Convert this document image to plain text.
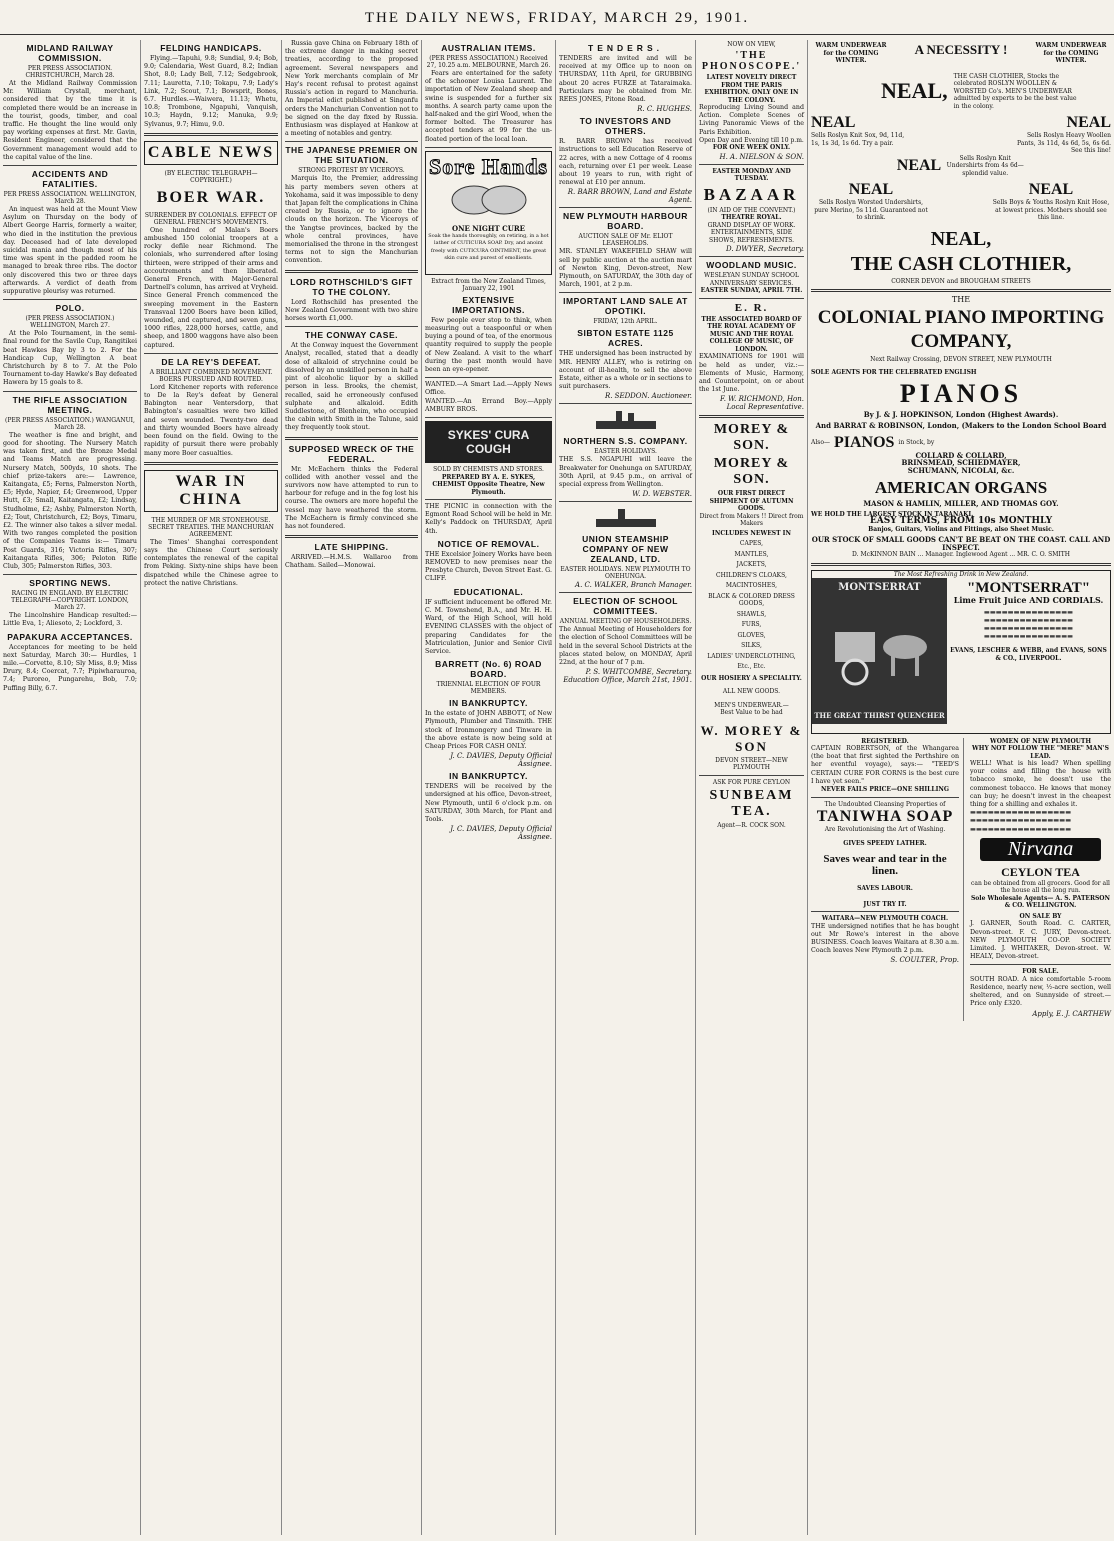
THE DAILY NEWS, FRIDAY, MARCH 29, 1901.
MIDLAND RAILWAY COMMISSION.
PER PRESS ASSOCIATION. CHRISTCHURCH, March 28.

At the Midland Railway Commission Mr. William Crystall, merchant, considered that by the time it is completed there would be an increase in the tourist, goods, timber, and coal traffic. He thought the line would only pay working expenses at first. Mr. Gavin, Resident Engineer, considered that the Government management would add to the capital value of the line.

ACCIDENTS AND FATALITIES.
PER PRESS ASSOCIATION. WELLINGTON, March 28.

An inquest was held at the Mount View Asylum on Thursday on the body of Albert George Harris, formerly a waiter, who died in the institution the previous day. Deceased had of late developed suicidal mania and though most of his time was spent in the padded room he managed to break three ribs. The doctor only discovered this two or three days afterwards. A verdict of death from suppurative pleurisy was returned.

POLO.
(PER PRESS ASSOCIATION.) WELLINGTON, March 27.

At the Polo Tournament, in the semi-final round for the Savile Cup, Rangitikei beat Hawkes Bay by 3 to 2. For the Handicap Cup, Wellington A beat Christchurch by 8 to 7. At the Polo Tournament to-day Hawke's Bay defeated Hawera by 15 goals to 8.

THE RIFLE ASSOCIATION MEETING.
(PER PRESS ASSOCIATION.) WANGANUI, March 28.

The weather is fine and bright, and good for shooting. The Nursery Match was taken first, and the Bronze Medal and Teams Match are progressing. Nursery Match, 500yds, 10 shots. The chief prize-takers are:— Lawrence, Kaitangata, £5; Ferns, Palmerston North, £5; Hyde, Napier, £4; Greenwood, Upper Hutt, £3; Small, Kaitangata, £2; Lindsay, Studholme, £2; Ashby, Palmerston North, £2; Tout, Christchurch, £2; Boys, Timaru, £2. The winner also takes a silver medal. With two ranges completed the position of the Companies Teams is:— Timaru Post Guards, 316; Victoria Rifles, 307; Kaitangata Rifles, 306; Peloton Rifle Club, 305; Palmerston Rifles, 303.

SPORTING NEWS.
RACING IN ENGLAND. BY ELECTRIC TELEGRAPH—COPYRIGHT. LONDON, March 27.

The Lincolnshire Handicap resulted:—Little Eva, 1; Aliesoto, 2; Lockford, 3.

PAPAKURA ACCEPTANCES.

Acceptances for meeting to be held next Saturday, March 30:— Hurdles, 1 mile.—Corvette, 8.10; Sly Miss, 8.9; Miss Drury, 8.4; Coercat, 7.7; Pipiwharauroa, 7.4; Puroreo, Pungarehu, Bob, 7.0; Puffing Billy, 6.7.

FELDING HANDICAPS.

Flying.—Tapuhi, 9.8; Sundial, 9.4; Bob, 9.0; Calendaria, West Guard, 8.2; Indian Shot, 8.0; Lady Bell, 7.12; Sedgebrook, 7.11; Lauretta, 7.10; Tokapu, 7.9; Lady's Link, 7.2; Scout, 7.1; Bowsprit, Bones, 6.7. Hurdles.—Waiwera, 11.13; Whetu, 10.8; Trombone, Ngapuhi, Vanquish, 10.3; Haydn, 9.12; Manuka, 9.9; Sylvanus, 9.7; Himu, 9.0.

CABLE NEWS
(BY ELECTRIC TELEGRAPH—COPYRIGHT.)
BOER WAR.
SURRENDER BY COLONIALS. EFFECT OF GENERAL FRENCH'S MOVEMENTS.

One hundred of Malan's Boers ambushed 150 colonial troopers at a rocky defile near Richmond. The colonials, who surrendered after losing thirteen, were stripped of their arms and accoutrements and then liberated. General French, with Major-General Dartnell's column, has arrived at Vryheid. Since General French commenced the sweeping movement in the Eastern Transvaal 1200 Boers have been killed, wounded, and captured, and seven guns, 1000 rifles, 228,000 horses, cattle, and sheep, and 1800 waggons have also been captured.

DE LA REY'S DEFEAT.
A BRILLIANT COMBINED MOVEMENT. BOERS PURSUED AND ROUTED.

Lord Kitchener reports with reference to De la Rey's defeat by General Babington near Ventersdorp, that Babington's casualties were two killed and seven wounded. Twenty-two dead and thirty wounded Boers have already been found on the field. Owing to the rapidity of pursuit there were probably many more Boer casualties.

WAR IN CHINA
THE MURDER OF MR STONEHOUSE. SECRET TREATIES. THE MANCHURIAN AGREEMENT.

The Times' Shanghai correspondent says the Chinese Court seriously contemplates the renewal of the capital from Peking. Sixty-nine ships have been dispatched while the Chinese agree to protect the native Christians.

Russia gave China on February 18th of the extreme danger in making secret treaties, according to the proposed agreement. Several newspapers and New York merchants complain of Mr Hay's recent refusal to protest against Russia's action in regard to Manchuria. An Imperial edict published at Singanfu orders the Manchurian Convention not to be signed on the day fixed by Russia. Enthusiasm was displayed at Hankow at a meeting of notables and gentry.

THE JAPANESE PREMIER ON THE SITUATION.
STRONG PROTEST BY VICEROYS.

Marquis Ito, the Premier, addressing his party members seven others at Yokohama, said it was impossible to deny that Japan felt the complications in China created by Russia, or to ignore the clouds on the horizon. The Viceroys of the Yangtse provinces, backed by the whole central provinces, have memorialised the throne in the strongest terms not to sign the Manchurian convention.

LORD ROTHSCHILD'S GIFT TO THE COLONY.

Lord Rothschild has presented the New Zealand Government with two shire horses worth £1,000.

THE CONWAY CASE.

At the Conway inquest the Government Analyst, recalled, stated that a deadly dose of alkaloid of strychnine could be dissolved by an unskilled person in half a pint of alcoholic liquor by a skilled person in less. Brooks, the chemist, recalled, said he erroneously confused sulphate and alkaloid. Edith Suddlestone, of Blenheim, who occupied the cabin with Smith in the Talune, said they frequently took stout.

SUPPOSED WRECK OF THE FEDERAL.

Mr. McEachern thinks the Federal collided with another vessel and the survivors now have attempted to run to harbour for refuge and in the fog lost his course. The owners are more hopeful the vessel may have weathered the storm. The McEachern is firmly convinced she has not foundered.

LATE SHIPPING.

ARRIVED.—H.M.S. Wallaroo from Chatham. Sailed—Monowai.

AUSTRALIAN ITEMS.
(PER PRESS ASSOCIATION.) Received 27, 10.25 a.m. MELBOURNE, March 26.

Fears are entertained for the safety of the schooner Louisa Laurent. The importation of New Zealand sheep and swine is suspended for a further six months. A search party came upon the half-naked and the girl Wood, when the former bolted. The Treasurer has accepted tenders at 99 for the un-floated portion of the local loan.

Sore Hands
ONE NIGHT CURE
Soak the hands thoroughly, on retiring, in a hot lather of CUTICURA SOAP. Dry, and anoint freely with CUTICURA OINTMENT, the great skin cure and purest of emollients.
Extract from the New Zealand Times, January 22, 1901
EXTENSIVE IMPORTATIONS.

Few people ever stop to think, when measuring out a teaspoonful or when buying a pound of tea, of the enormous quantity required to supply the people of New Zealand. A visit to the wharf during the past month would have been an eye-opener.

WANTED.—A Smart Lad.—Apply News Office.
WANTED.—An Errand Boy.—Apply AMBURY BROS.
SYKES' CURA COUGH
SOLD BY CHEMISTS AND STORES.
PREPARED BY A. E. SYKES, CHEMIST Opposite Theatre, New Plymouth.
THE PICNIC in connection with the Egmont Road School will be held in Mr. Kelly's Paddock on THURSDAY, April 4th.
NOTICE OF REMOVAL.
THE Excelsior Joinery Works have been REMOVED to new premises near the Presbyte Church, Devon Street East. G. CLIFF.
EDUCATIONAL.
IF sufficient inducement be offered Mr. C. M. Townshend, B.A., and Mr. H. H. Ward, of the High School, will hold EVENING CLASSES with the object of preparing Candidates for the Matriculation, Junior and Senior Civil Service.
BARRETT (No. 6) ROAD BOARD.
TRIENNIAL ELECTION OF FOUR MEMBERS.
IN BANKRUPTCY.
In the estate of JOHN ABBOTT, of New Plymouth, Plumber and Tinsmith. THE stock of Ironmongery and Tinware in the above estate is now being sold at Cheap Prices FOR CASH ONLY.
J. C. DAVIES, Deputy Official Assignee.
IN BANKRUPTCY.
TENDERS will be received by the undersigned at his office, Devon-street, New Plymouth, until 6 o'clock p.m. on SATURDAY, 30th March, for Plant and Tools.
J. C. DAVIES, Deputy Official Assignee.
TENDERS.
TENDERS are invited and will be received at my Office up to noon on THURSDAY, 11th April, for GRUBBING about 20 acres FURZE at Tataraimaka. Particulars may be obtained from Mr. REES JONES, Pitone Road.
R. C. HUGHES.
TO INVESTORS AND OTHERS.
R. BARR BROWN has received instructions to sell Education Reserve of 22 acres, with a new Cottage of 4 rooms each, returning over £1 per week. Lease about 19 years to run, with right of renewal at £10 per annum.
R. BARR BROWN, Land and Estate Agent.
NEW PLYMOUTH HARBOUR BOARD.
AUCTION SALE OF Mr. ELIOT LEASEHOLDS.
MR. STANLEY WAKEFIELD SHAW will sell by public auction at the auction mart of Newton King, Devon-street, New Plymouth, on SATURDAY, the 30th day of March, 1901, at 2 p.m.
IMPORTANT LAND SALE AT OPOTIKI.
FRIDAY, 12th APRIL.
SIBTON ESTATE 1125 ACRES.
THE undersigned has been instructed by MR. HENRY ALLEY, who is retiring on account of ill-health, to sell the above Estate, either as a whole or in sections to suit purchasers.
R. SEDDON. Auctioneer.
NORTHERN S.S. COMPANY.
EASTER HOLIDAYS.
THE S.S. NGAPUHI will leave the Breakwater for Onehunga on SATURDAY, 30th April, at 9.45 p.m., on arrival of special express from Wellington.
W. D. WEBSTER.
UNION STEAMSHIP COMPANY OF NEW ZEALAND, LTD.
EASTER HOLIDAYS. NEW PLYMOUTH TO ONEHUNGA.
A. C. WALKER, Branch Manager.
ELECTION OF SCHOOL COMMITTEES.
ANNUAL MEETING OF HOUSEHOLDERS.
The Annual Meeting of Householders for the election of School Committees will be held in the several School Districts at the places stated below, on MONDAY, April 22nd, at the hour of 7 p.m.
P. S. WHITCOMBE, Secretary. Education Office, March 21st, 1901.
NOW ON VIEW,
'THE PHONOSCOPE.'
LATEST NOVELTY DIRECT FROM THE PARIS EXHIBITION. ONLY ONE IN THE COLONY.
Reproducing Living Sound and Action. Complete Scenes of Living Panoramic Views of the Paris Exhibition.
Open Day and Evening till 10 p.m.
FOR ONE WEEK ONLY.
H. A. NIELSON & SON.
EASTER MONDAY AND TUESDAY.
BAZAAR
(IN AID OF THE CONVENT.)
THEATRE ROYAL.
GRAND DISPLAY OF WORK. ENTERTAINMENTS, SIDE SHOWS, REFRESHMENTS.
D. DWYER, Secretary.
WOODLAND MUSIC.
WESLEYAN SUNDAY SCHOOL ANNIVERSARY SERVICES.
EASTER SUNDAY, APRIL 7TH.
E. R.
THE ASSOCIATED BOARD OF THE ROYAL ACADEMY OF MUSIC AND THE ROYAL COLLEGE OF MUSIC, OF LONDON.
EXAMINATIONS for 1901 will be held as under, viz.:— Elements of Music, Harmony, and Counterpoint, on or about the 1st June.
F. W. RICHMOND, Hon. Local Representative.
MOREY & SON.
MOREY & SON.
OUR FIRST DIRECT SHIPMENT OF AUTUMN GOODS.
Direct from Makers !! Direct from Makers
INCLUDES NEWEST IN
CAPES,
MANTLES,
JACKETS,
CHILDREN'S CLOAKS,
MACINTOSHES,
BLACK & COLORED DRESS GOODS,
SHAWLS,
FURS,
GLOVES,
SILKS,
LADIES' UNDERCLOTHING,
Etc., Etc.
OUR HOSIERY A SPECIALITY.
ALL NEW GOODS.
MEN'S UNDERWEAR.—
Best Value to be had
W. MOREY & SON
DEVON STREET—NEW PLYMOUTH
ASK FOR PURE CEYLON
SUNBEAM TEA.
Agent—R. COCK SON.
WARM UNDERWEAR for the COMING WINTER.
A NECESSITY !	WARM UNDERWEAR for the COMING WINTER.
NEAL,
THE CASH CLOTHIER, Stocks the celebrated ROSLYN WOOLLEN & WORSTED Co's. MEN'S UNDERWEAR admitted by experts to be the best value in the colony.
NEAL
Sells Roslyn Knit Sox, 9d, 11d, 1s, 1s 3d, 1s 6d. Try a pair.
NEAL
Sells Roslyn Heavy Woollen Pants, 3s 11d, 4s 6d, 5s, 6s 6d. See this line!
NEAL	Sells Roslyn Knit Undershirts from 4s 6d—splendid value.
NEAL
Sells Roslyn Worsted Undershirts, pure Merino, 5s 11d. Guaranteed not to shrink.
NEAL
Sells Boys & Youths Roslyn Knit Hose, at lowest prices. Mothers should see this line.
NEAL,
THE CASH CLOTHIER,
CORNER DEVON and BROUGHAM STREETS
THE
COLONIAL PIANO IMPORTING COMPANY,
Next Railway Crossing, DEVON STREET, NEW PLYMOUTH
SOLE AGENTS FOR THE CELEBRATED ENGLISH
PIANOS
By J. & J. HOPKINSON, London (Highest Awards).
And BARRAT & ROBINSON, London, (Makers to the London School Board
Also— PIANOS in Stock, by
COLLARD & COLLARD, BRINSMEAD, SCHIEDMAYER, SCHUMANN, NICOLAI, &c.
AMERICAN ORGANS
MASON & HAMLIN, MILLER, AND THOMAS GOY.
WE HOLD THE LARGEST STOCK IN TARANAKI.
EASY TERMS, FROM 10s MONTHLY
Banjos, Guitars, Violins and Fittings, also Sheet Music.
OUR STOCK OF SMALL GOODS CAN'T BE BEAT ON THE COAST. CALL AND INSPECT.
D. McKINNON BAIN ... Manager. Inglewood Agent ... MR. C. O. SMITH
The Most Refreshing Drink in New Zealand.
MONTSERRAT
THE GREAT THIRST QUENCHER
"MONTSERRAT"
Lime Fruit Juice AND CORDIALS.
▬▬▬▬▬▬▬▬▬▬▬▬▬▬▬
▬▬▬▬▬▬▬▬▬▬▬▬▬▬▬
▬▬▬▬▬▬▬▬▬▬▬▬▬▬▬
▬▬▬▬▬▬▬▬▬▬▬▬▬▬▬
EVANS, LESCHER & WEBB, and EVANS, SONS & CO., LIVERPOOL.
REGISTERED.
CAPTAIN ROBERTSON, of the Whangarea (the boat that first sighted the Perthshire on her eventful voyage), says:— "TEED'S CERTAIN CURE FOR CORNS is the best cure I have yet seen."
NEVER FAILS PRICE—ONE SHILLING
The Undoubted Cleansing Properties of
TANIWHA SOAP
Are Revolutionising the Art of Washing.
GIVES SPEEDY LATHER.
Saves wear and tear in the linen.
SAVES LABOUR.
JUST TRY IT.
WAITARA—NEW PLYMOUTH COACH.
THE undersigned notifies that he has bought out Mr Rowe's interest in the above BUSINESS. Coach leaves Waitara at 8.30 a.m. Coach leaves New Plymouth 2 p.m.
S. COULTER, Prop.
WOMEN OF NEW PLYMOUTH
WHY NOT FOLLOW THE "MERE" MAN'S LEAD.
WELL! What is his lead? When spelling your coins and filling the house with tobacco smoke, he doesn't use the commonest tobacco. He knows that money can buy; he doesn't invest in the cheapest thing for a shilling and exhales it.
▬▬▬▬▬▬▬▬▬▬▬▬▬▬▬▬▬
▬▬▬▬▬▬▬▬▬▬▬▬▬▬▬▬▬
▬▬▬▬▬▬▬▬▬▬▬▬▬▬▬▬▬
Nirvana
CEYLON TEA
can be obtained from all grocers. Good for all the house all the long run.
Sole Wholesale Agents— A. S. PATERSON & CO. WELLINGTON.
ON SALE BY
J. GARNER, South Road. C. CARTER, Devon-street. F. C. JURY, Devon-street. NEW PLYMOUTH CO-OP. SOCIETY Limited. J. WHITAKER, Devon-street. W. HEALY, Devon-street.
FOR SALE.
SOUTH ROAD. A nice comfortable 5-room Residence, nearly new, ½-acre section, well sheltered, and on Sunnyside of street.—Price only £320.
Apply, E. J. CARTHEW
